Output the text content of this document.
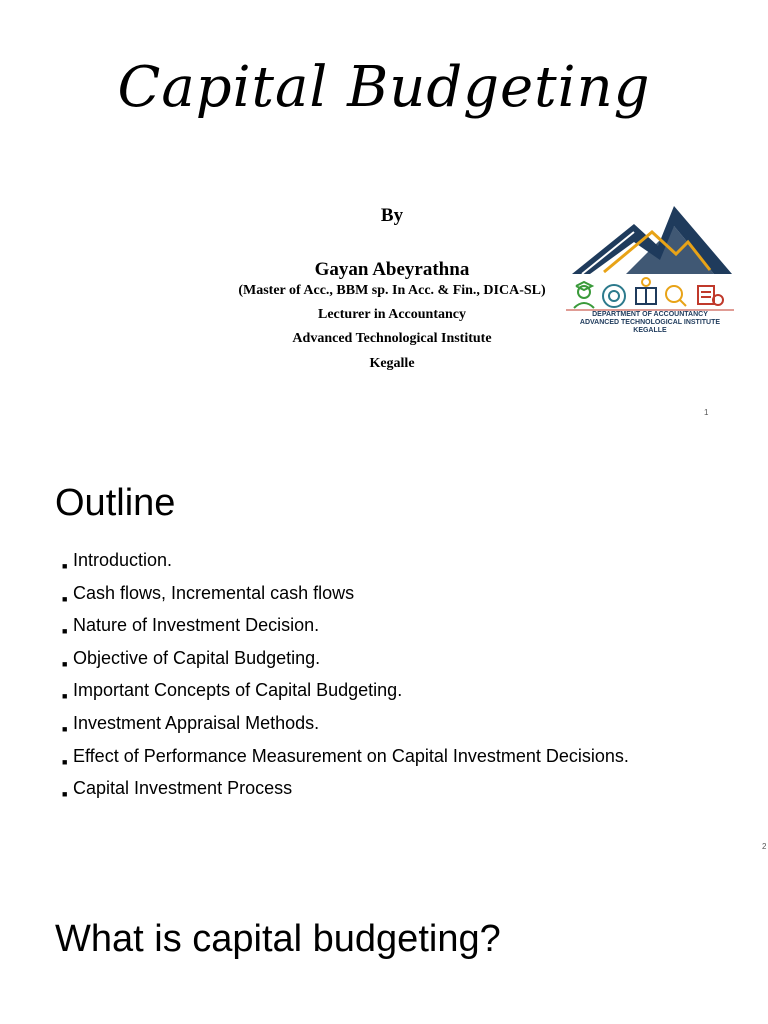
Capital Budgeting
By
Gayan Abeyrathna
(Master of Acc., BBM sp. In Acc. & Fin., DICA-SL)
Lecturer in Accountancy
Advanced Technological Institute
Kegalle
DEPARTMENT OF ACCOUNTANCY
ADVANCED TECHNOLOGICAL INSTITUTE
KEGALLE
1
Outline
■ Introduction.
■ Cash flows, Incremental cash flows
■ Nature of Investment Decision.
■ Objective of Capital Budgeting.
■ Important Concepts of Capital Budgeting.
■ Investment Appraisal Methods.
■ Effect of Performance Measurement on Capital Investment Decisions.
■ Capital Investment Process
2
What is capital budgeting?
